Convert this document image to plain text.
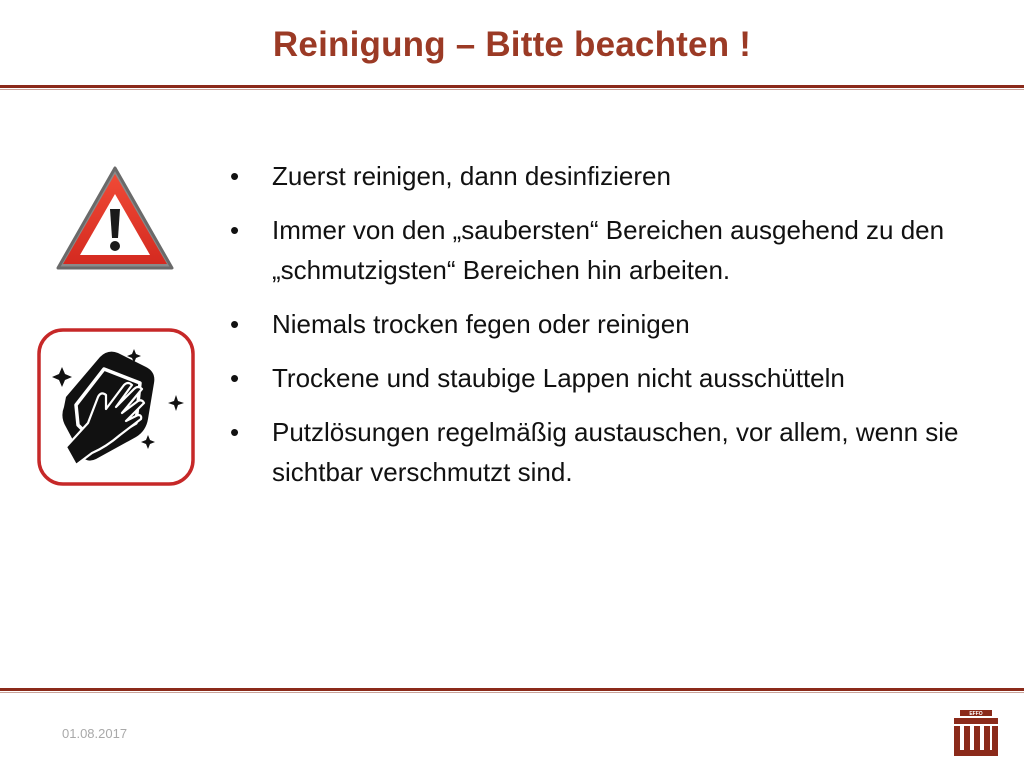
Reinigung – Bitte beachten !
• Zuerst reinigen, dann desinfizieren
• Immer von den „saubersten“ Bereichen ausgehend zu den „schmutzigsten“ Bereichen hin arbeiten.
• Niemals trocken fegen oder reinigen
• Trockene und staubige Lappen nicht ausschütteln
• Putzlösungen regelmäßig austauschen, vor allem, wenn sie sichtbar verschmutzt sind.
01.08.2017
EFFO
